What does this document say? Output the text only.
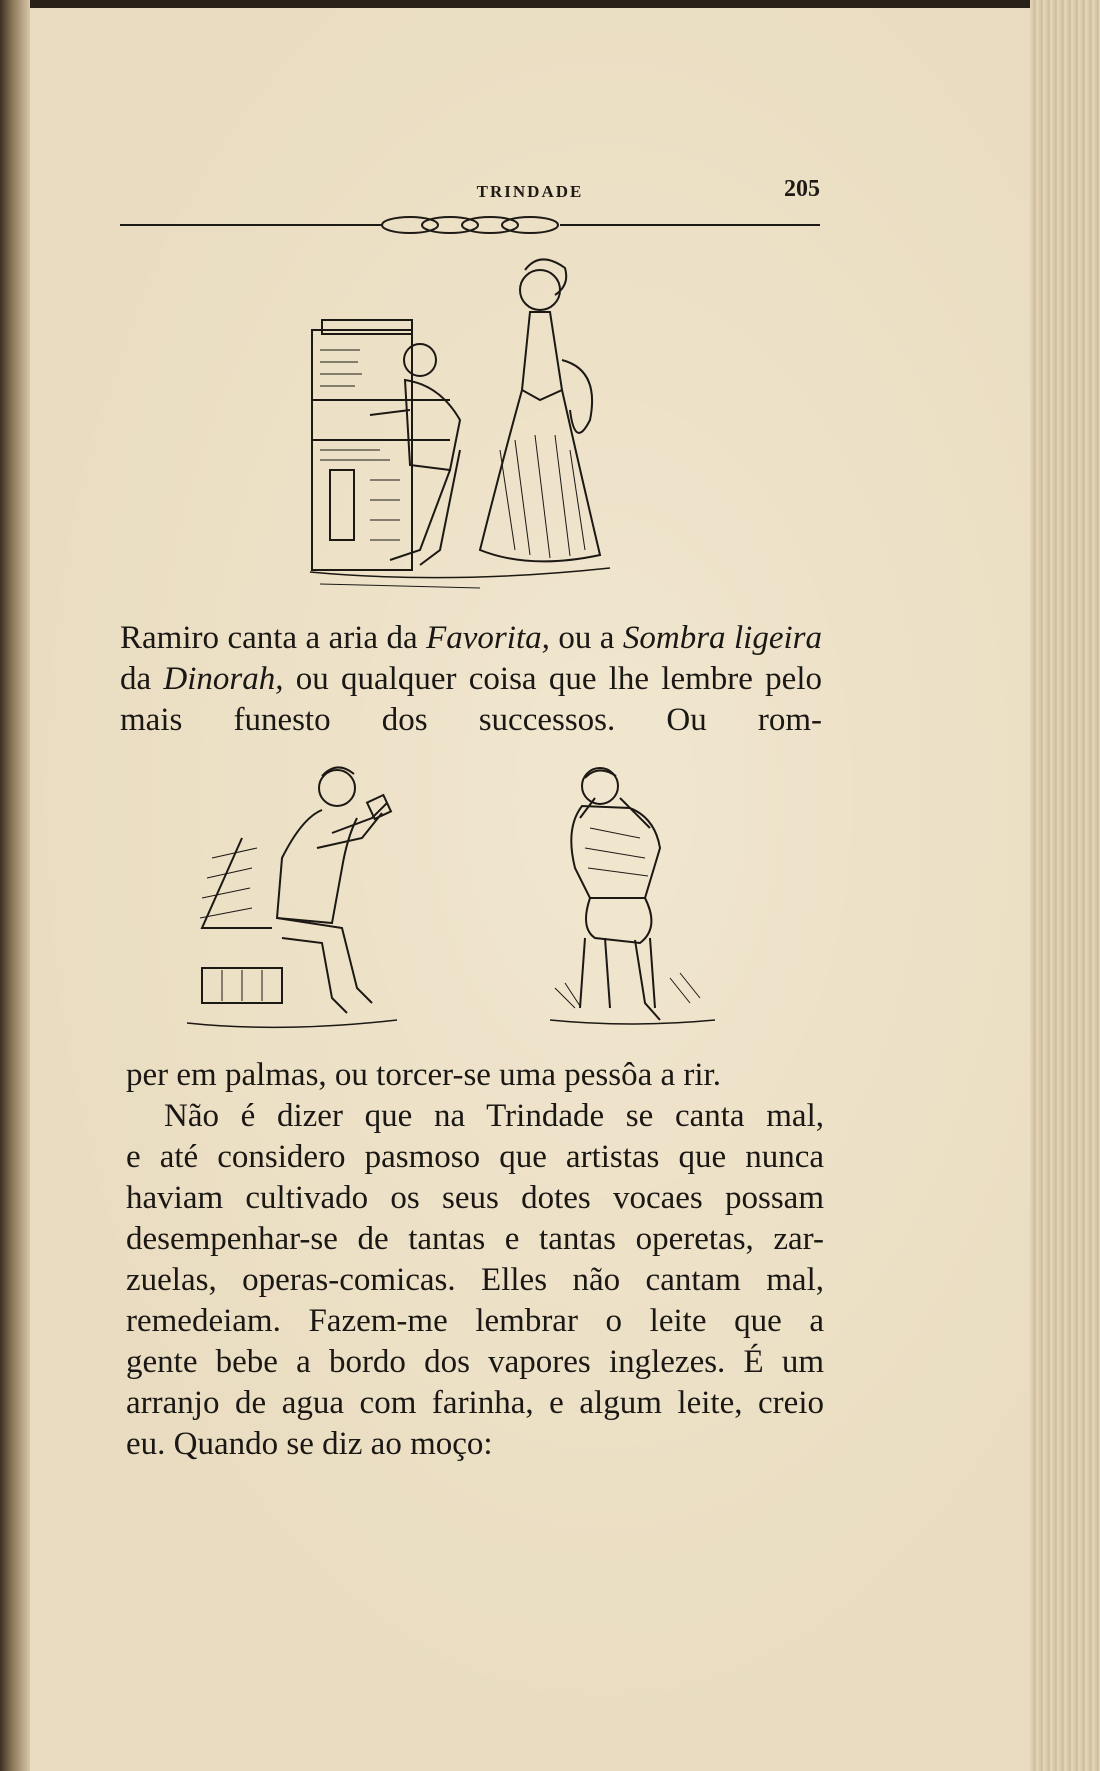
TRINDADE	205
Ramiro canta a aria da Favorita, ou a Sombra ligeira da Dinorah, ou qualquer coisa que lhe lembre pelo mais funesto dos successos. Ou rom-
per em palmas, ou torcer-se uma pessôa a rir.
Não é dizer que na Trindade se canta mal,
e até considero pasmoso que artistas que nunca
haviam cultivado os seus dotes vocaes possam
desempenhar-se de tantas e tantas operetas, zar-
zuelas, operas-comicas. Elles não cantam mal,
remedeiam. Fazem-me lembrar o leite que a
gente bebe a bordo dos vapores inglezes. É um
arranjo de agua com farinha, e algum leite, creio
eu. Quando se diz ao moço:
